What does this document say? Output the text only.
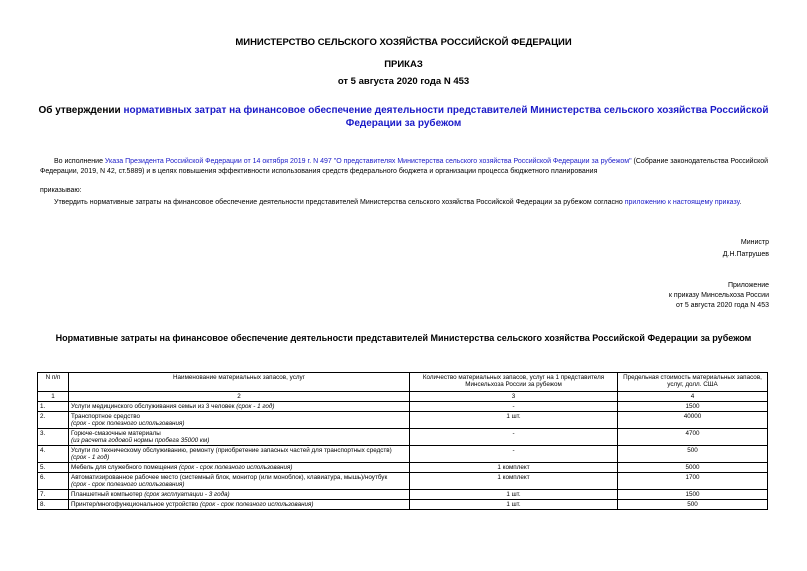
МИНИСТЕРСТВО СЕЛЬСКОГО ХОЗЯЙСТВА РОССИЙСКОЙ ФЕДЕРАЦИИ
ПРИКАЗ
от 5 августа 2020 года N 453
Об утверждении нормативных затрат на финансовое обеспечение деятельности представителей Министерства сельского хозяйства Российской Федерации за рубежом
Во исполнение Указа Президента Российской Федерации от 14 октября 2019 г. N 497 "О представителях Министерства сельского хозяйства Российской Федерации за рубежом" (Собрание законодательства Российской Федерации, 2019, N 42, ст.5889) и в целях повышения эффективности использования средств федерального бюджета и организации процесса бюджетного планирования
приказываю:
Утвердить нормативные затраты на финансовое обеспечение деятельности представителей Министерства сельского хозяйства Российской Федерации за рубежом согласно приложению к настоящему приказу.
Министр
Д.Н.Патрушев
Приложение
к приказу Минсельхоза России
от 5 августа 2020 года N 453
Нормативные затраты на финансовое обеспечение деятельности представителей Министерства сельского хозяйства Российской Федерации за рубежом
N п/п	Наименование материальных запасов, услуг	Количество материальных запасов, услуг на 1 представителя Минсельхоза России за рубежом	Предельная стоимость материальных запасов, услуг, долл. США
1	2	3	4
1.	Услуги медицинского обслуживания семьи из 3 человек (срок - 1 год)	-	1500
2.	Транспортное средство
(срок - срок полезного использования)	1 шт.	40000
3.	Горюче-смазочные материалы
(из расчета годовой нормы пробега 35000 км)	-	4700
4.	Услуги по техническому обслуживанию, ремонту (приобретение запасных частей для транспортных средств)
(срок - 1 год)	-	500
5.	Мебель для служебного помещения (срок - срок полезного использования)	1 комплект	5000
6.	Автоматизированное рабочее место (системный блок, монитор (или моноблок), клавиатура, мышь)/ноутбук
(срок - срок полезного использования)	1 комплект	1700
7.	Планшетный компьютер (срок эксплуатации - 3 года)	1 шт.	1500
8.	Принтер/многофункциональное устройство (срок - срок полезного использования)	1 шт.	500
